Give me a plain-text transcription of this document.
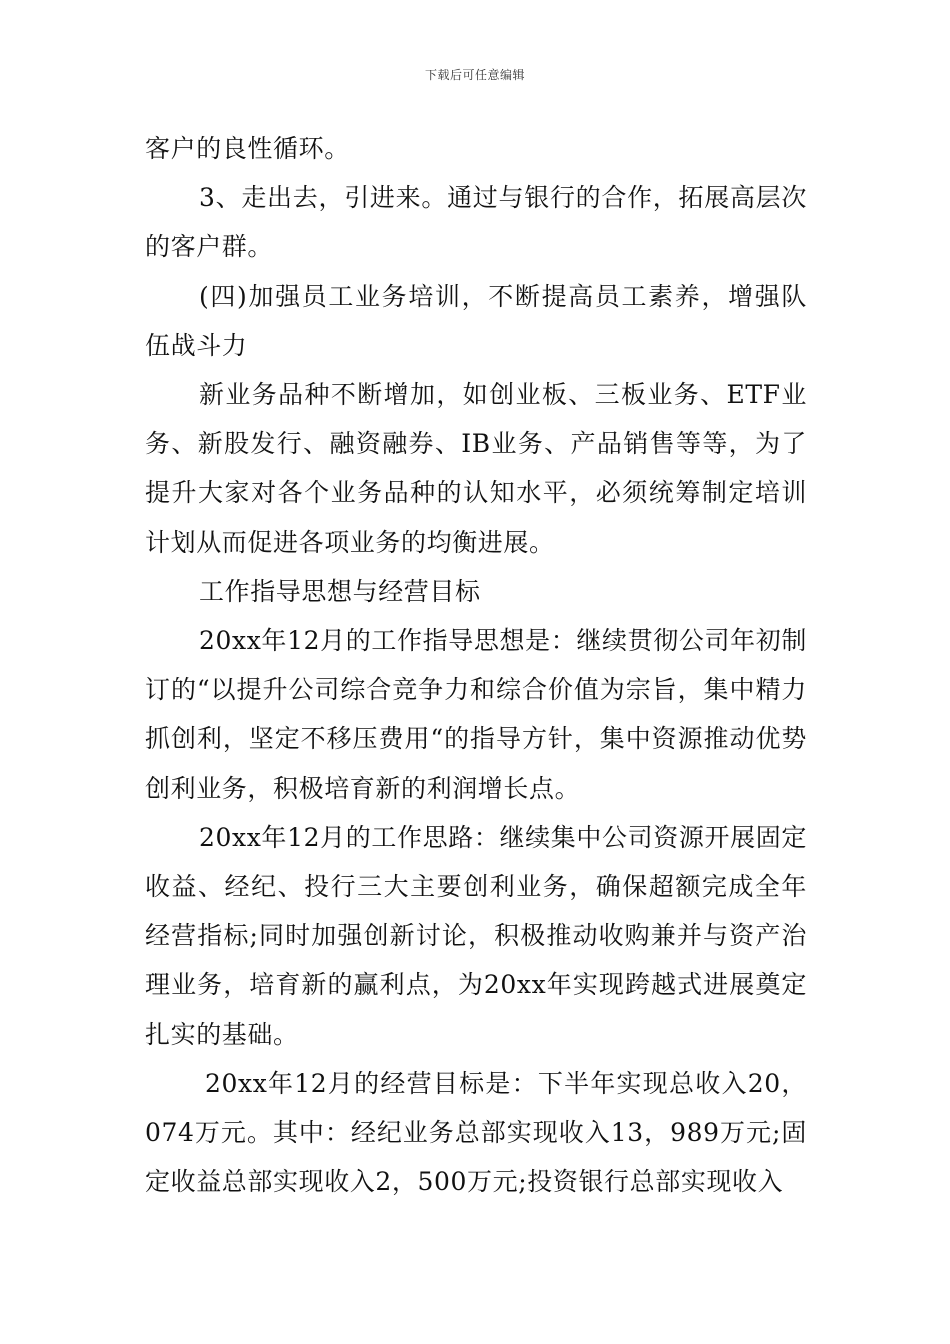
下载后可任意编辑

客户的良性循环。

3、走出去，引进来。通过与银行的合作，拓展高层次的客户群。

(四)加强员工业务培训，不断提高员工素养，增强队伍战斗力

新业务品种不断增加，如创业板、三板业务、ETF业务、新股发行、融资融券、IB业务、产品销售等等，为了提升大家对各个业务品种的认知水平，必须统筹制定培训计划从而促进各项业务的均衡进展。

工作指导思想与经营目标

20xx年12月的工作指导思想是：继续贯彻公司年初制订的“以提升公司综合竞争力和综合价值为宗旨，集中精力抓创利，坚定不移压费用“的指导方针，集中资源推动优势创利业务，积极培育新的利润增长点。

20xx年12月的工作思路：继续集中公司资源开展固定收益、经纪、投行三大主要创利业务，确保超额完成全年经营指标;同时加强创新讨论，积极推动收购兼并与资产治理业务，培育新的赢利点，为20xx年实现跨越式进展奠定扎实的基础。

20xx年12月的经营目标是：下半年实现总收入20，074万元。其中：经纪业务总部实现收入13，989万元;固定收益总部实现收入2，500万元;投资银行总部实现收入
